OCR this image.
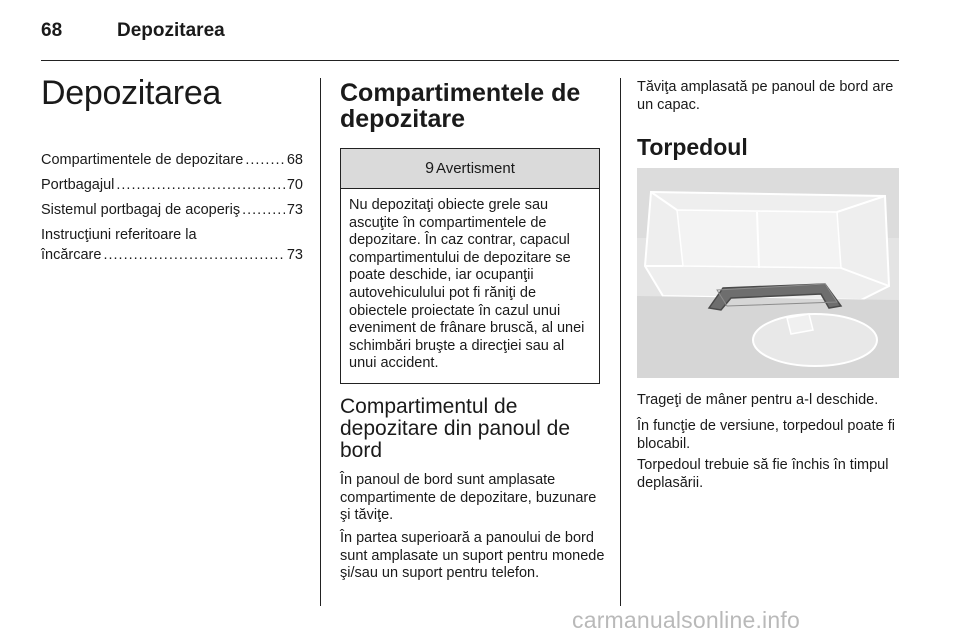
68	Depozitarea
Depozitarea
Compartimentele de depozitare .....	68
Portbagajul .....	70
Sistemul portbagaj de acoperiş .....	73
Instrucţiuni referitoare la
încărcare .....	73
Compartimentele de depozitare
9 Avertisment
Nu depozitaţi obiecte grele sau ascuţite în compartimentele de depozitare. În caz contrar, capacul compartimentului de depozitare se poate deschide, iar ocupanţii autovehiculului pot fi răniţi de obiectele proiectate în cazul unui eveniment de frânare bruscă, al unei schimbări bruşte a direcţiei sau al unui accident.
Compartimentul de depozitare din panoul de bord

În panoul de bord sunt amplasate compartimente de depozitare, buzunare şi tăviţe.

În partea superioară a panoului de bord sunt amplasate un suport pentru monede şi/sau un suport pentru telefon.

Tăviţa amplasată pe panoul de bord are un capac.

Torpedoul

Trageţi de mâner pentru a-l deschide.

În funcţie de versiune, torpedoul poate fi blocabil.

Torpedoul trebuie să fie închis în timpul deplasării.

carmanualsonline.info
